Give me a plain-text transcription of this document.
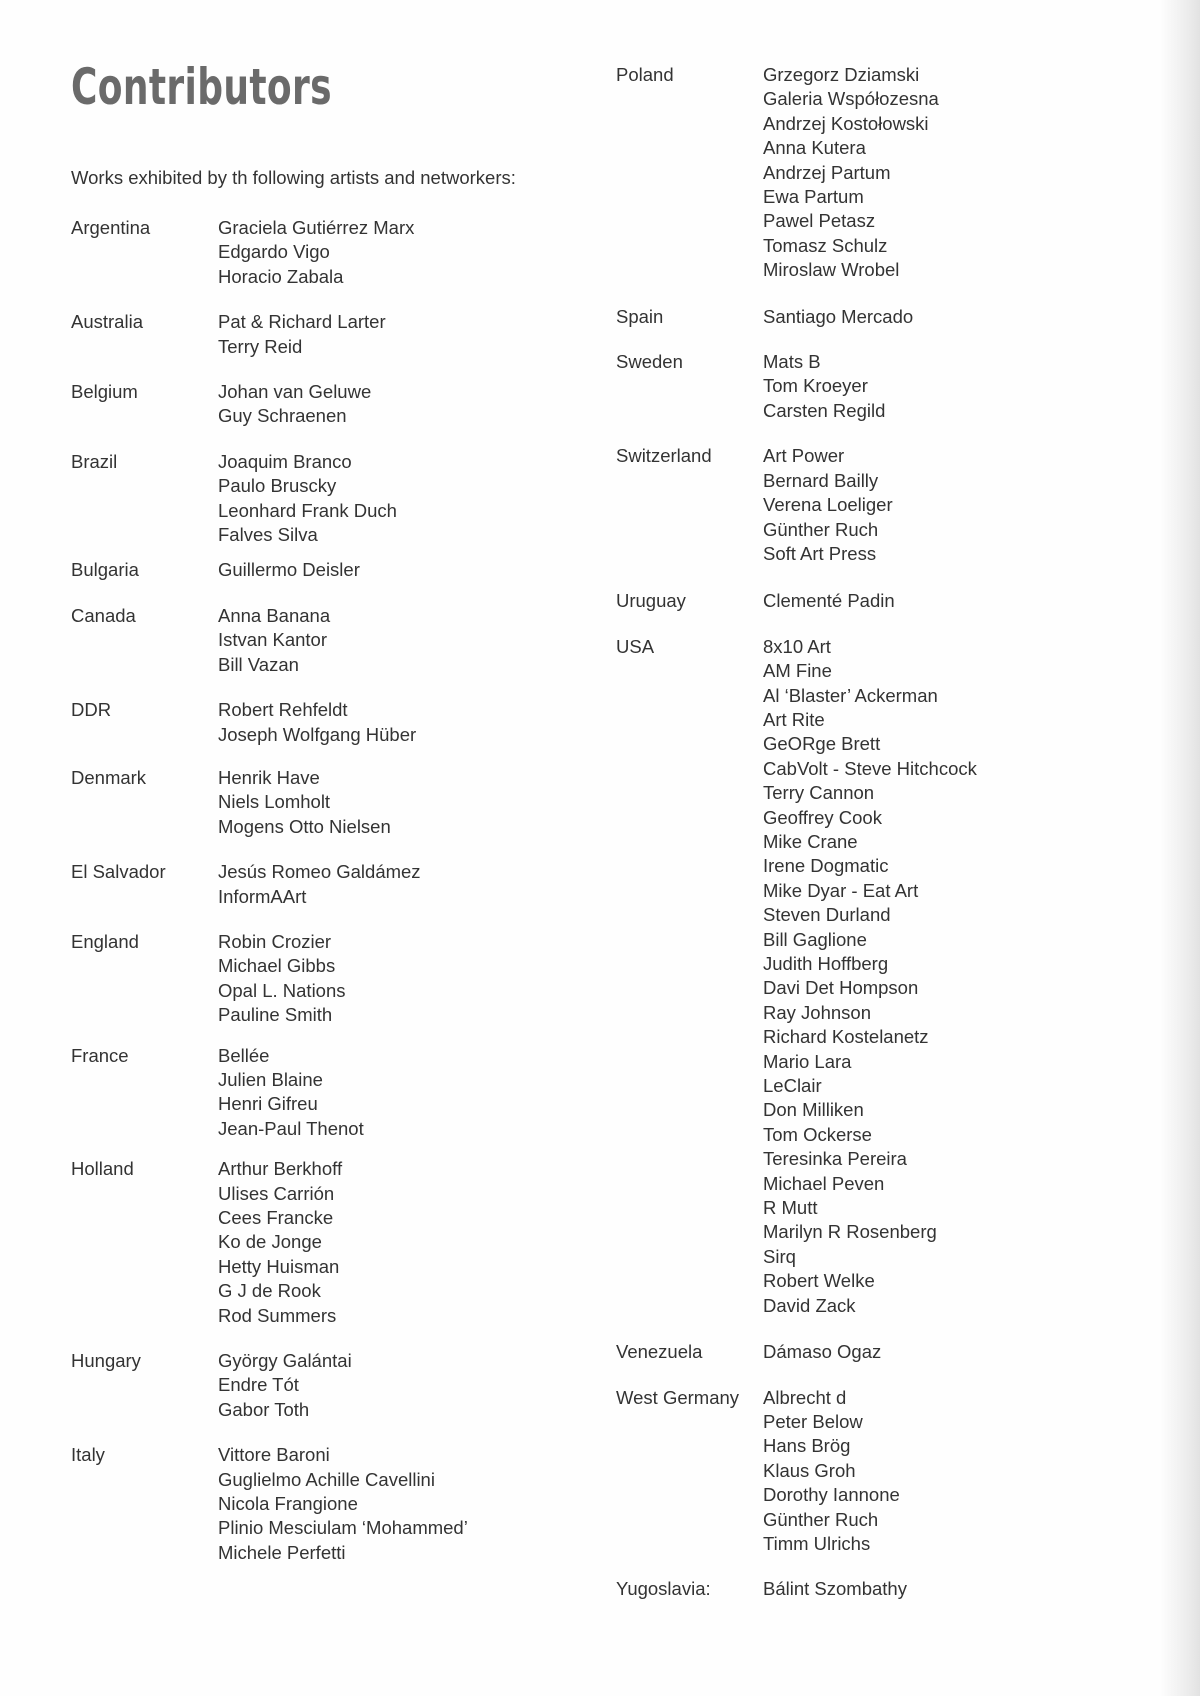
Contributors
Works exhibited by th following artists and networkers:
Argentina	Graciela Gutiérrez Marx
Edgardo Vigo
Horacio Zabala
Australia	Pat & Richard Larter
Terry Reid
Belgium	Johan van Geluwe
Guy Schraenen
Brazil	Joaquim Branco
Paulo Bruscky
Leonhard Frank Duch
Falves Silva
Bulgaria	Guillermo Deisler
Canada	Anna Banana
Istvan Kantor
Bill Vazan
DDR	Robert Rehfeldt
Joseph Wolfgang Hüber
Denmark	Henrik Have
Niels Lomholt
Mogens Otto Nielsen
El Salvador	Jesús Romeo Galdámez
InformAArt
England	Robin Crozier
Michael Gibbs
Opal L. Nations
Pauline Smith
France	Bellée
Julien Blaine
Henri Gifreu
Jean-Paul Thenot
Holland	Arthur Berkhoff
Ulises Carrión
Cees Francke
Ko de Jonge
Hetty Huisman
G J de Rook
Rod Summers
Hungary	György Galántai
Endre Tót
Gabor Toth
Italy	Vittore Baroni
Guglielmo Achille Cavellini
Nicola Frangione
Plinio Mesciulam ‘Mohammed’
Michele Perfetti
Poland	Grzegorz Dziamski
Galeria Współozesna
Andrzej Kostołowski
Anna Kutera
Andrzej Partum
Ewa Partum
Pawel Petasz
Tomasz Schulz
Miroslaw Wrobel
Spain	Santiago Mercado
Sweden	Mats B
Tom Kroeyer
Carsten Regild
Switzerland	Art Power
Bernard Bailly
Verena Loeliger
Günther Ruch
Soft Art Press
Uruguay	Clementé Padin
USA	8x10 Art
AM Fine
Al ‘Blaster’ Ackerman
Art Rite
GeORge Brett
CabVolt - Steve Hitchcock
Terry Cannon
Geoffrey Cook
Mike Crane
Irene Dogmatic
Mike Dyar - Eat Art
Steven Durland
Bill Gaglione
Judith Hoffberg
Davi Det Hompson
Ray Johnson
Richard Kostelanetz
Mario Lara
LeClair
Don Milliken
Tom Ockerse
Teresinka Pereira
Michael Peven
R Mutt
Marilyn R Rosenberg
Sirq
Robert Welke
David Zack
Venezuela	Dámaso Ogaz
West Germany Albrecht d
Peter Below
Hans Brög
Klaus Groh
Dorothy Iannone
Günther Ruch
Timm Ulrichs
Yugoslavia:	Bálint Szombathy
